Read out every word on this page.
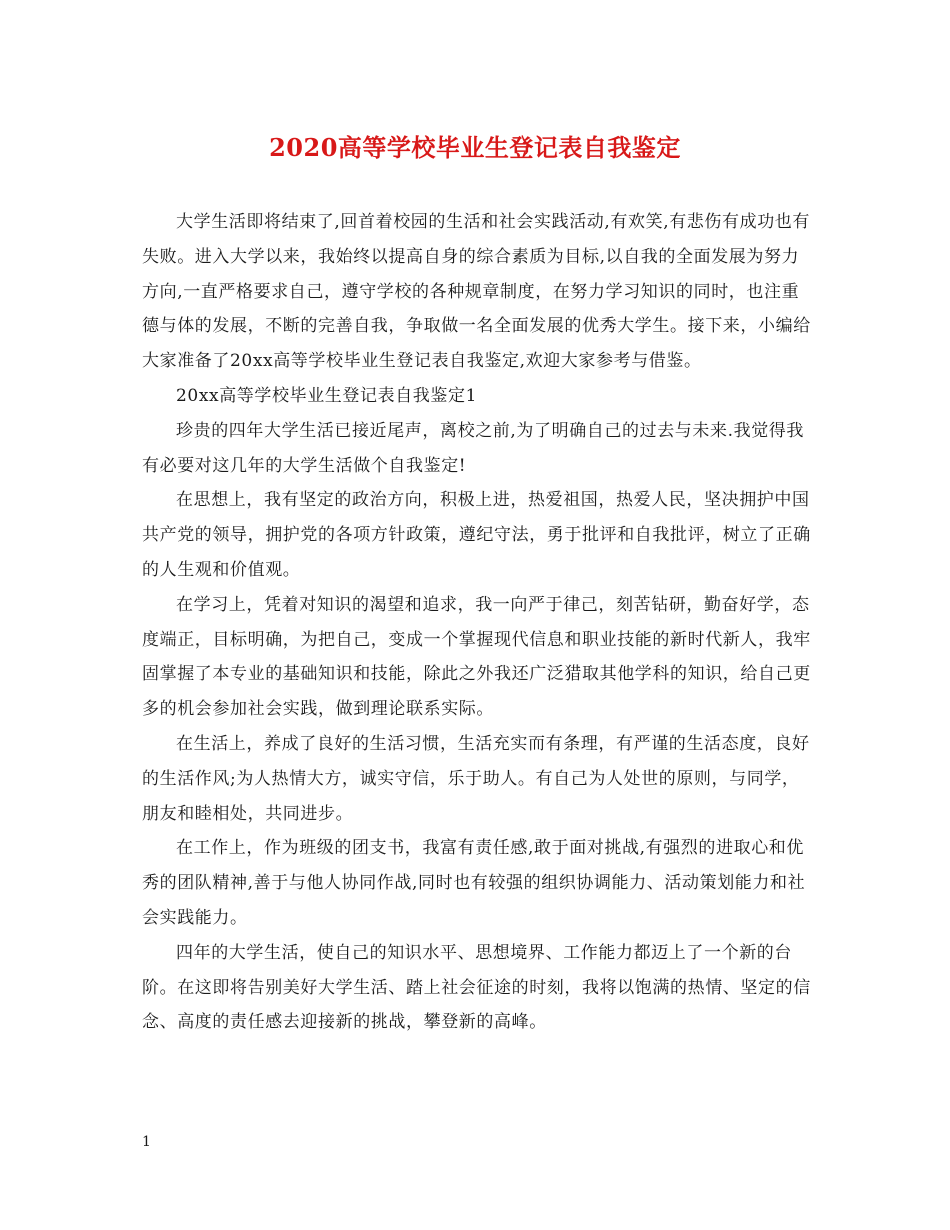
2020高等学校毕业生登记表自我鉴定

大学生活即将结束了,回首着校园的生活和社会实践活动,有欢笑,有悲伤有成功也有失败。进入大学以来，我始终以提高自身的综合素质为目标,以自我的全面发展为努力方向,一直严格要求自己，遵守学校的各种规章制度，在努力学习知识的同时，也注重德与体的发展，不断的完善自我，争取做一名全面发展的优秀大学生。接下来，小编给大家准备了20xx高等学校毕业生登记表自我鉴定,欢迎大家参考与借鉴。

20xx高等学校毕业生登记表自我鉴定1

珍贵的四年大学生活已接近尾声，离校之前,为了明确自己的过去与未来.我觉得我有必要对这几年的大学生活做个自我鉴定!

在思想上，我有坚定的政治方向，积极上进，热爱祖国，热爱人民，坚决拥护中国共产党的领导，拥护党的各项方针政策，遵纪守法，勇于批评和自我批评，树立了正确的人生观和价值观。

在学习上，凭着对知识的渴望和追求，我一向严于律己，刻苦钻研，勤奋好学，态度端正，目标明确，为把自己，变成一个掌握现代信息和职业技能的新时代新人，我牢固掌握了本专业的基础知识和技能，除此之外我还广泛猎取其他学科的知识，给自己更多的机会参加社会实践，做到理论联系实际。

在生活上，养成了良好的生活习惯，生活充实而有条理，有严谨的生活态度，良好的生活作风;为人热情大方，诚实守信，乐于助人。有自己为人处世的原则，与同学，朋友和睦相处，共同进步。

在工作上，作为班级的团支书，我富有责任感,敢于面对挑战,有强烈的进取心和优秀的团队精神,善于与他人协同作战,同时也有较强的组织协调能力、活动策划能力和社会实践能力。

四年的大学生活，使自己的知识水平、思想境界、工作能力都迈上了一个新的台阶。在这即将告别美好大学生活、踏上社会征途的时刻，我将以饱满的热情、坚定的信念、高度的责任感去迎接新的挑战，攀登新的高峰。

1
